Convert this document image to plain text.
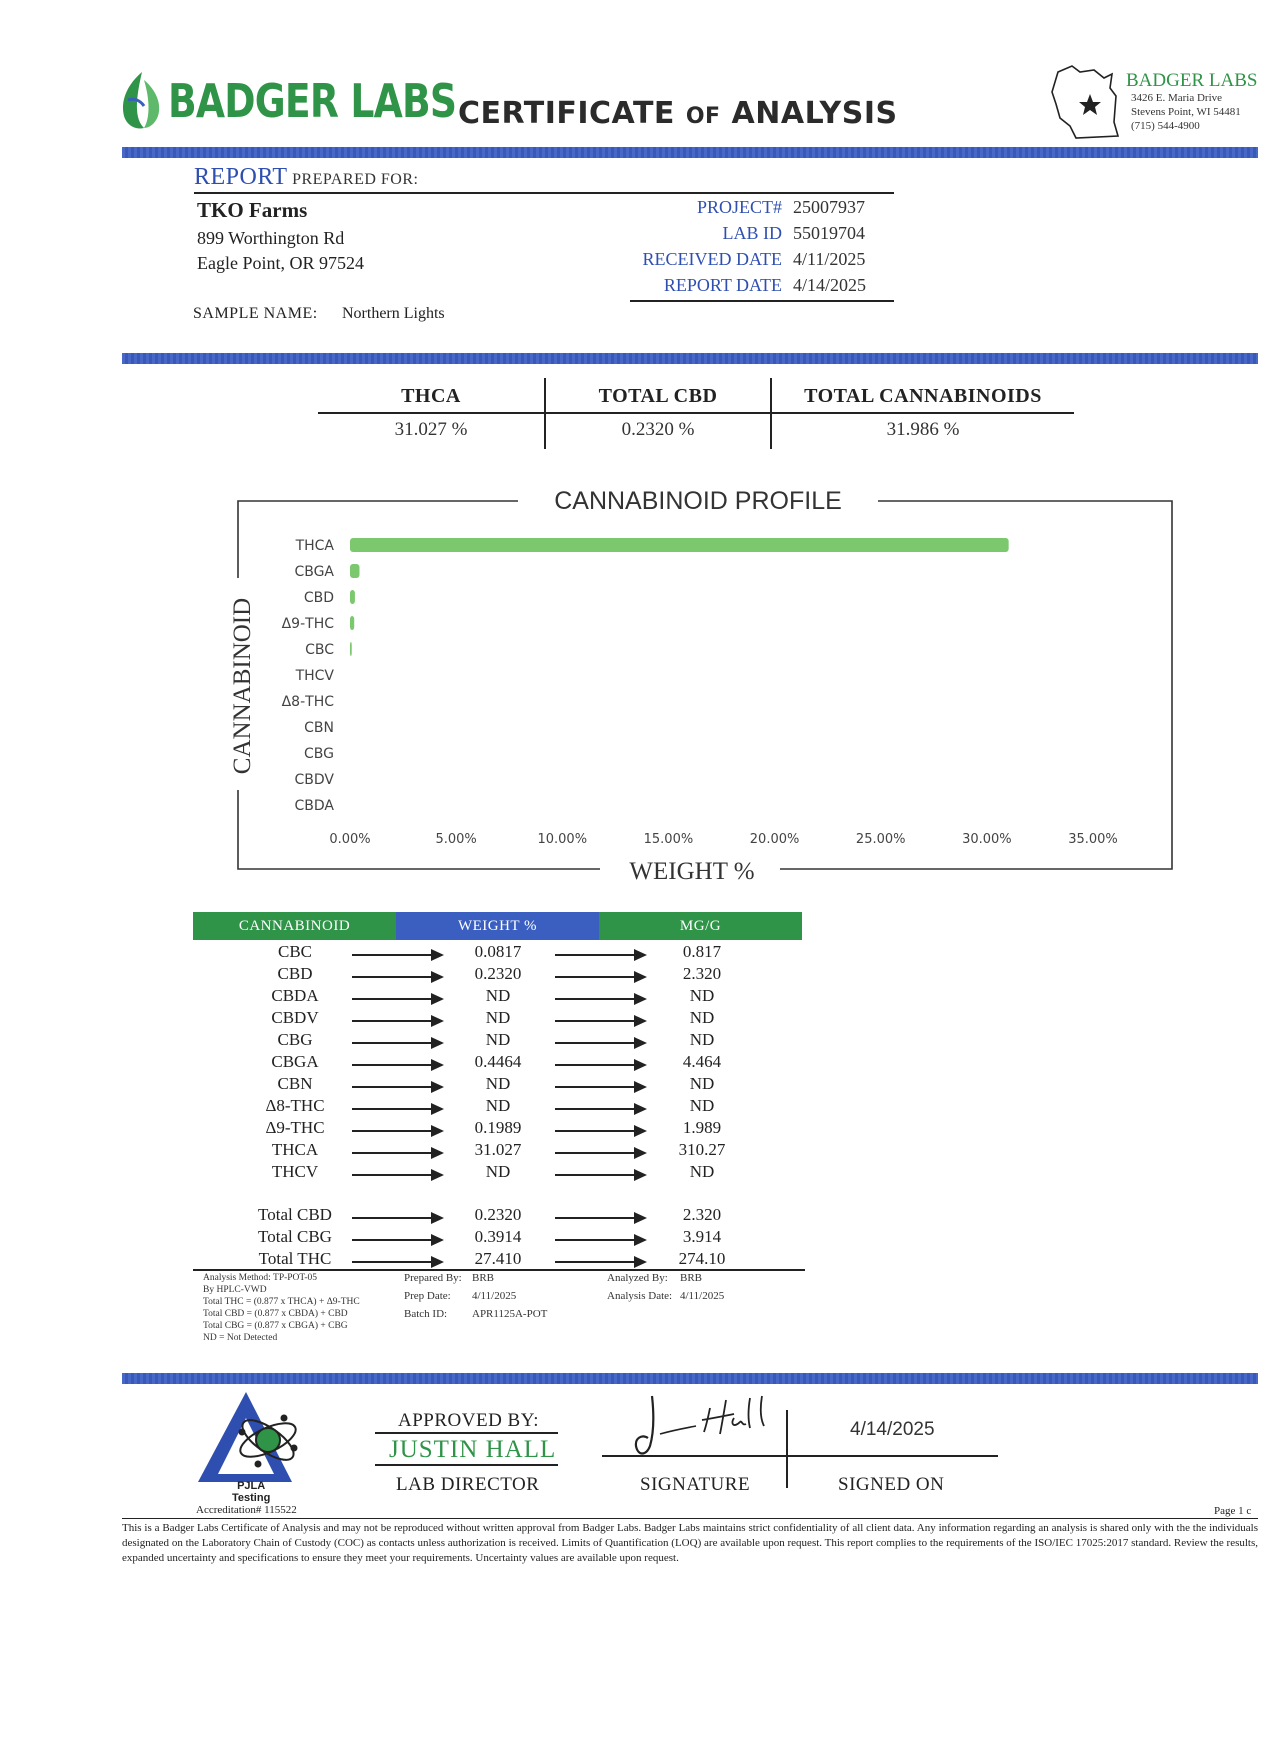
BADGER LABS CERTIFICATE OF ANALYSIS
BADGER LABS
3426 E. Maria Drive
Stevens Point, WI 54481
(715) 544-4900
REPORT PREPARED FOR:
TKO Farms
899 Worthington Rd
Eagle Point, OR 97524
PROJECT# 25007937
LAB ID 55019704
RECEIVED DATE 4/11/2025
REPORT DATE 4/14/2025
SAMPLE NAME: Northern Lights
THCA	TOTAL CBD	TOTAL CANNABINOIDS
31.027 %	0.2320 %	31.986 %
CANNABINOID PROFILE
WEIGHT %
CANNABINOID
THCA
CBGA
CBD
Δ9-THC
CBC
THCV
Δ8-THC
CBN
CBG
CBDV
CBDA
0.00%	5.00%	10.00%	15.00%	20.00%	25.00%	30.00%	35.00%
CANNABINOID	WEIGHT %	MG/G
CBC	0.0817	0.817
CBD	0.2320	2.320
CBDA	ND	ND
CBDV	ND	ND
CBG	ND	ND
CBGA	0.4464	4.464
CBN	ND	ND
Δ8-THC	ND	ND
Δ9-THC	0.1989	1.989
THCA	31.027	310.27
THCV	ND	ND
Total CBD	0.2320	2.320
Total CBG	0.3914	3.914
Total THC	27.410	274.10
Analysis Method: TP-POT-05
By HPLC-VWD
Total THC = (0.877 x THCA) + Δ9-THC
Total CBD = (0.877 x CBDA) + CBD
Total CBG = (0.877 x CBGA) + CBG
ND = Not Detected
Prepared By: BRB
Prep Date: 4/11/2025
Batch ID: APR1125A-POT
Analyzed By: BRB
Analysis Date: 4/11/2025
PJLA
Testing
Accreditation# 115522
APPROVED BY:
JUSTIN HALL
LAB DIRECTOR
4/14/2025
SIGNATURE	SIGNED ON
Page 1 c
This is a Badger Labs Certificate of Analysis and may not be reproduced without written approval from Badger Labs. Badger Labs maintains strict confidentiality of all client data. Any information regarding an analysis is shared only with the the individuals designated on the Laboratory Chain of Custody (COC) as contacts unless authorization is received. Limits of Quantification (LOQ) are available upon request. This report complies to the requirements of the ISO/IEC 17025:2017 standard. Review the results, expanded uncertainty and specifications to ensure they meet your requirements. Uncertainty values are available upon request.
